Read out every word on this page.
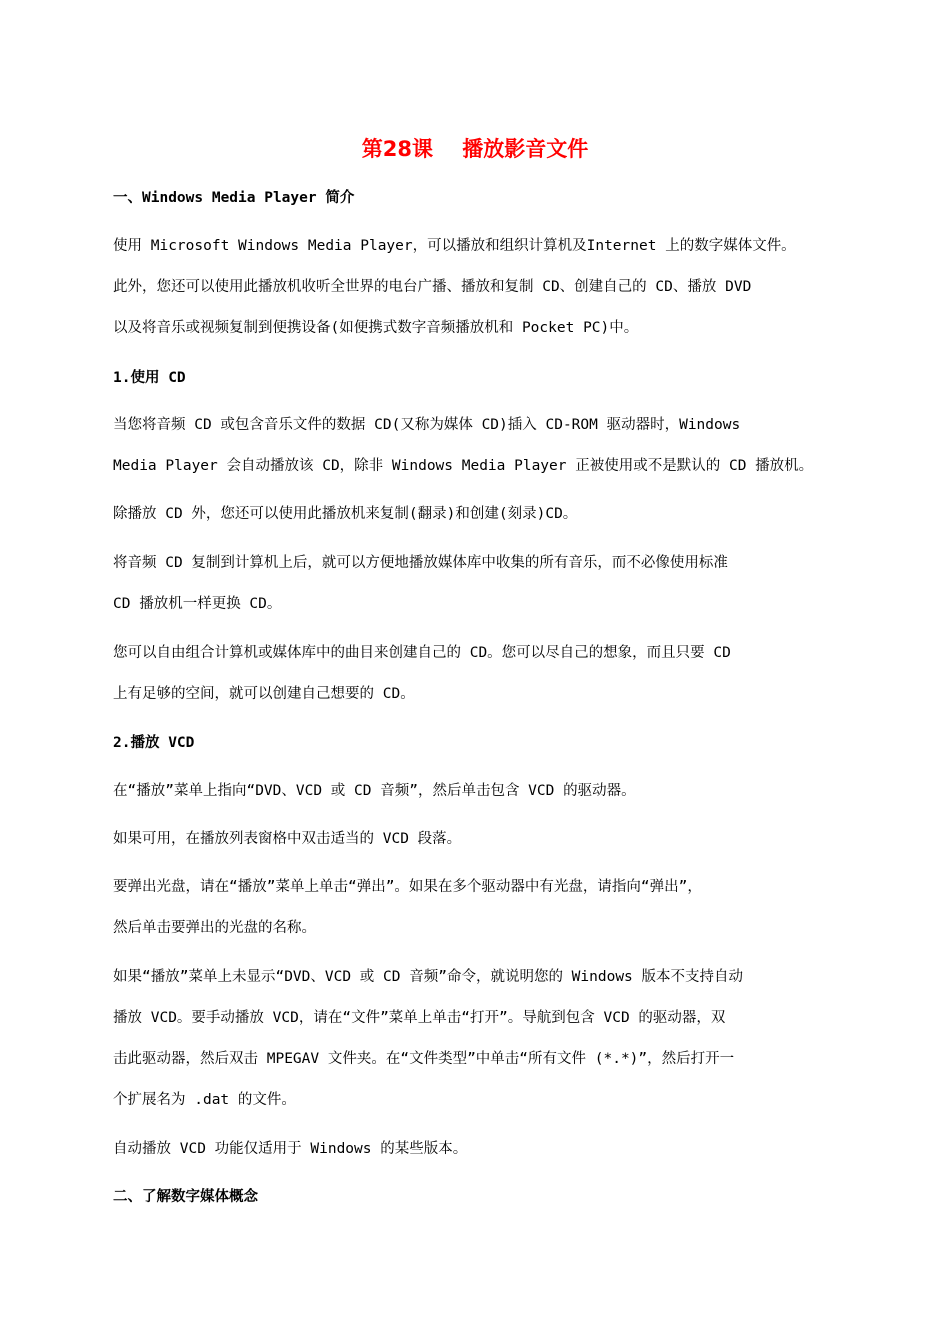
第28课    播放影音文件
一、Windows Media Player 简介
使用 Microsoft Windows Media Player，可以播放和组织计算机及Internet 上的数字媒体文件。
此外，您还可以使用此播放机收听全世界的电台广播、播放和复制 CD、创建自己的 CD、播放 DVD
以及将音乐或视频复制到便携设备(如便携式数字音频播放机和 Pocket PC)中。
1.使用 CD
当您将音频 CD 或包含音乐文件的数据 CD(又称为媒体 CD)插入 CD-ROM 驱动器时，Windows
Media Player 会自动播放该 CD，除非 Windows Media Player 正被使用或不是默认的 CD 播放机。
除播放 CD 外，您还可以使用此播放机来复制(翻录)和创建(刻录)CD。
将音频 CD 复制到计算机上后，就可以方便地播放媒体库中收集的所有音乐，而不必像使用标准
CD 播放机一样更换 CD。
您可以自由组合计算机或媒体库中的曲目来创建自己的 CD。您可以尽自己的想象，而且只要 CD
上有足够的空间，就可以创建自己想要的 CD。
2.播放 VCD
在“播放”菜单上指向“DVD、VCD 或 CD 音频”，然后单击包含 VCD 的驱动器。
如果可用，在播放列表窗格中双击适当的 VCD 段落。
要弹出光盘，请在“播放”菜单上单击“弹出”。如果在多个驱动器中有光盘，请指向“弹出”，
然后单击要弹出的光盘的名称。
如果“播放”菜单上未显示“DVD、VCD 或 CD 音频”命令，就说明您的 Windows 版本不支持自动
播放 VCD。要手动播放 VCD，请在“文件”菜单上单击“打开”。导航到包含 VCD 的驱动器，双
击此驱动器，然后双击 MPEGAV 文件夹。在“文件类型”中单击“所有文件 (*.*)”，然后打开一
个扩展名为 .dat 的文件。
自动播放 VCD 功能仅适用于 Windows 的某些版本。
二、了解数字媒体概念
